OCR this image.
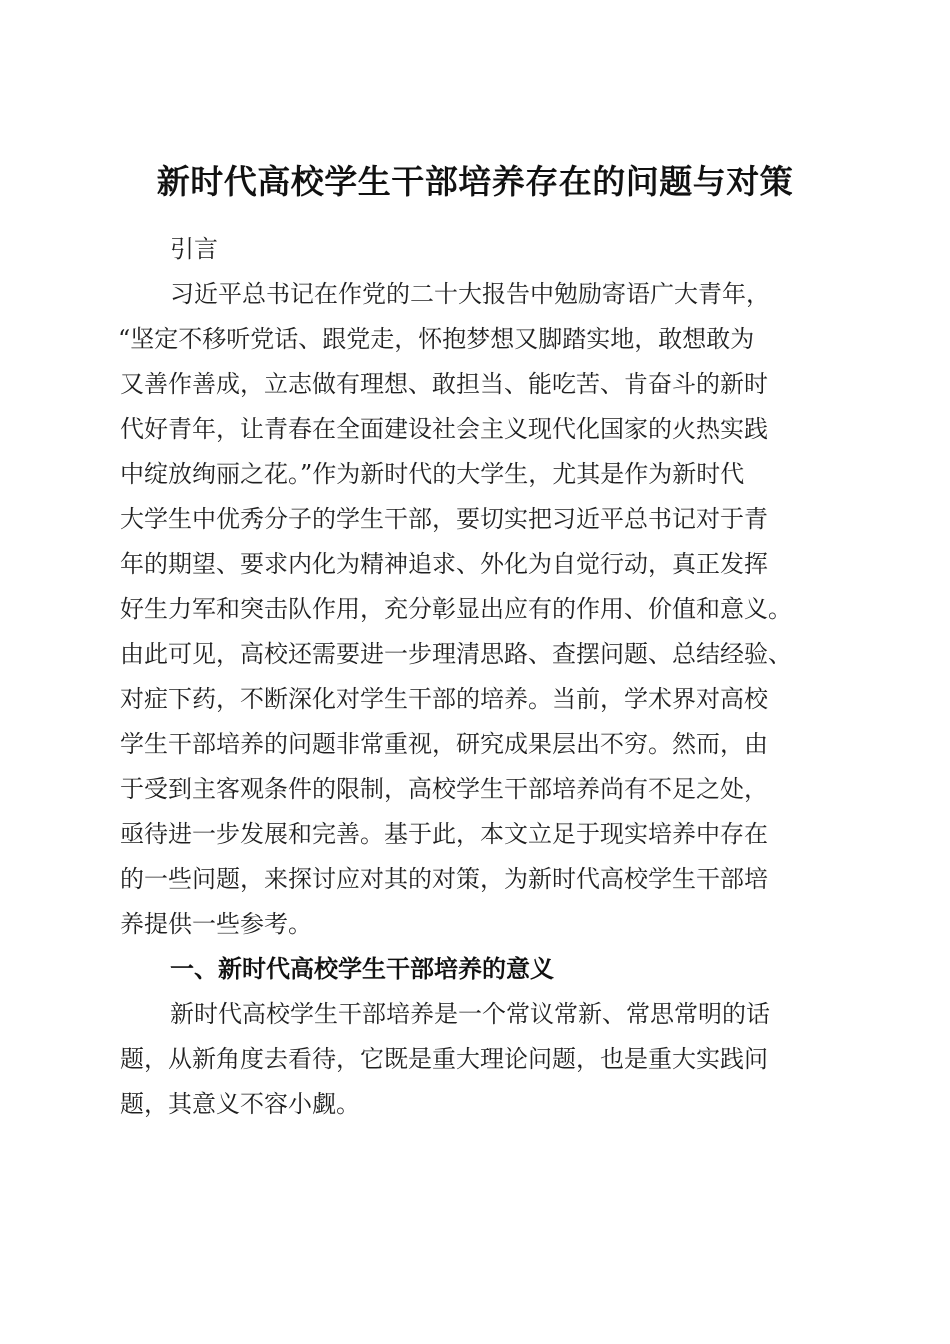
新时代高校学生干部培养存在的问题与对策

引言

习近平总书记在作党的二十大报告中勉励寄语广大青年，

“坚定不移听党话、跟党走，怀抱梦想又脚踏实地，敢想敢为

又善作善成，立志做有理想、敢担当、能吃苦、肯奋斗的新时

代好青年，让青春在全面建设社会主义现代化国家的火热实践

中绽放绚丽之花。”作为新时代的大学生，尤其是作为新时代

大学生中优秀分子的学生干部，要切实把习近平总书记对于青

年的期望、要求内化为精神追求、外化为自觉行动，真正发挥

好生力军和突击队作用，充分彰显出应有的作用、价值和意义。

由此可见，高校还需要进一步理清思路、查摆问题、总结经验、

对症下药，不断深化对学生干部的培养。当前，学术界对高校

学生干部培养的问题非常重视，研究成果层出不穷。然而，由

于受到主客观条件的限制，高校学生干部培养尚有不足之处，

亟待进一步发展和完善。基于此，本文立足于现实培养中存在

的一些问题，来探讨应对其的对策，为新时代高校学生干部培

养提供一些参考。

一、新时代高校学生干部培养的意义

新时代高校学生干部培养是一个常议常新、常思常明的话

题，从新角度去看待，它既是重大理论问题，也是重大实践问

题，其意义不容小觑。
